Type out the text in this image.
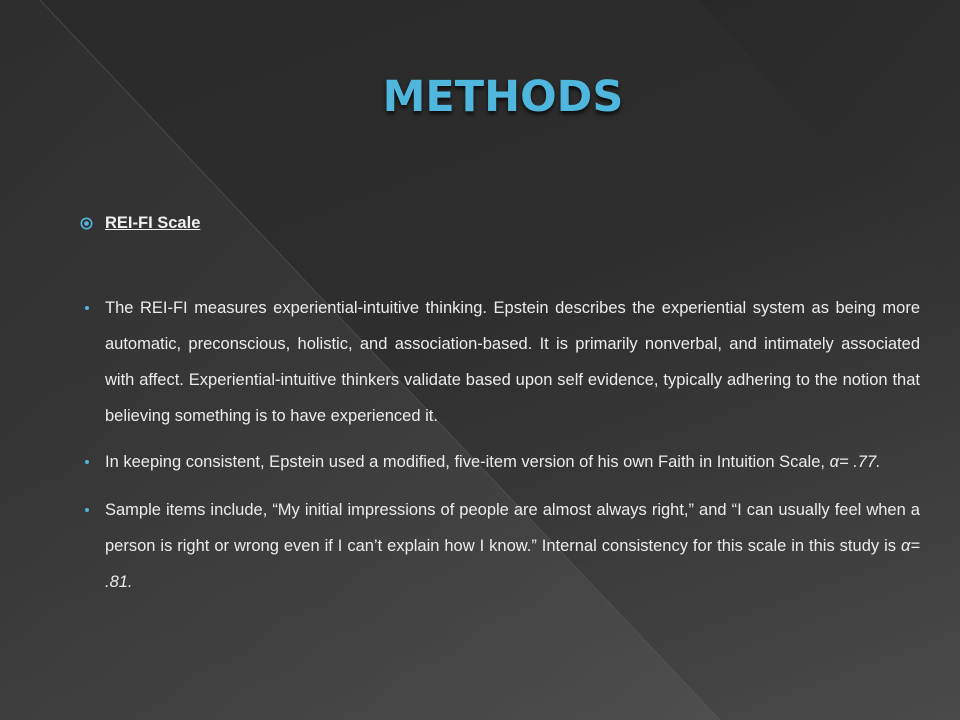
METHODS
REI-FI Scale
The REI-FI measures experiential-intuitive thinking. Epstein describes the experiential system as being more automatic, preconscious, holistic, and association-based. It is primarily nonverbal, and intimately associated with affect. Experiential-intuitive thinkers validate based upon self evidence, typically adhering to the notion that believing something is to have experienced it.
In keeping consistent, Epstein used a modified, five-item version of his own Faith in Intuition Scale, α= .77.
Sample items include, “My initial impressions of people are almost always right,” and “I can usually feel when a person is right or wrong even if I can’t explain how I know.” Internal consistency for this scale in this study is α= .81.
